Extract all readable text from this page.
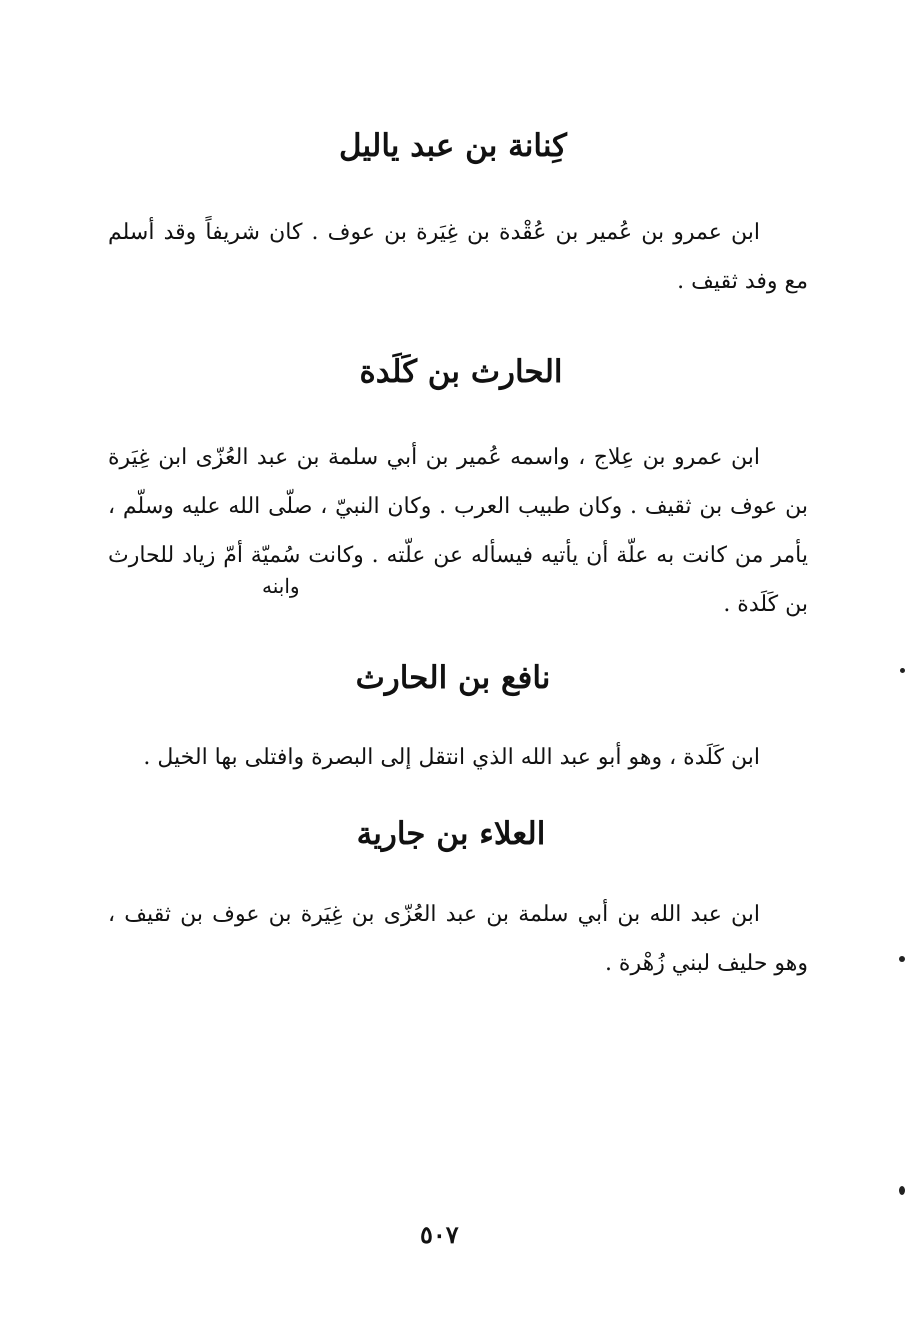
كِنانة بن عبد ياليل
ابن عمرو بن عُمير بن عُقْدة بن غِيَرة بن عوف . كان شريفاً وقد أسلم مع وفد ثقيف .
الحارث بن كَلَدة
ابن عمرو بن عِلاج ، واسمه عُمير بن أبي سلمة بن عبد العُزّى ابن غِيَرة بن عوف بن ثقيف . وكان طبيب العرب . وكان النبيّ ، صلّى الله عليه وسلّم ، يأمر من كانت به علّة أن يأتيه فيسأله عن علّته . وكانت سُميّة أمّ زياد للحارث بن كَلَدة .
وابنه
نافع بن الحارث
ابن كَلَدة ، وهو أبو عبد الله الذي انتقل إلى البصرة وافتلى بها الخيل .
العلاء بن جارية
ابن عبد الله بن أبي سلمة بن عبد العُزّى بن غِيَرة بن عوف بن ثقيف ، وهو حليف لبني زُهْرة .
٥٠٧
